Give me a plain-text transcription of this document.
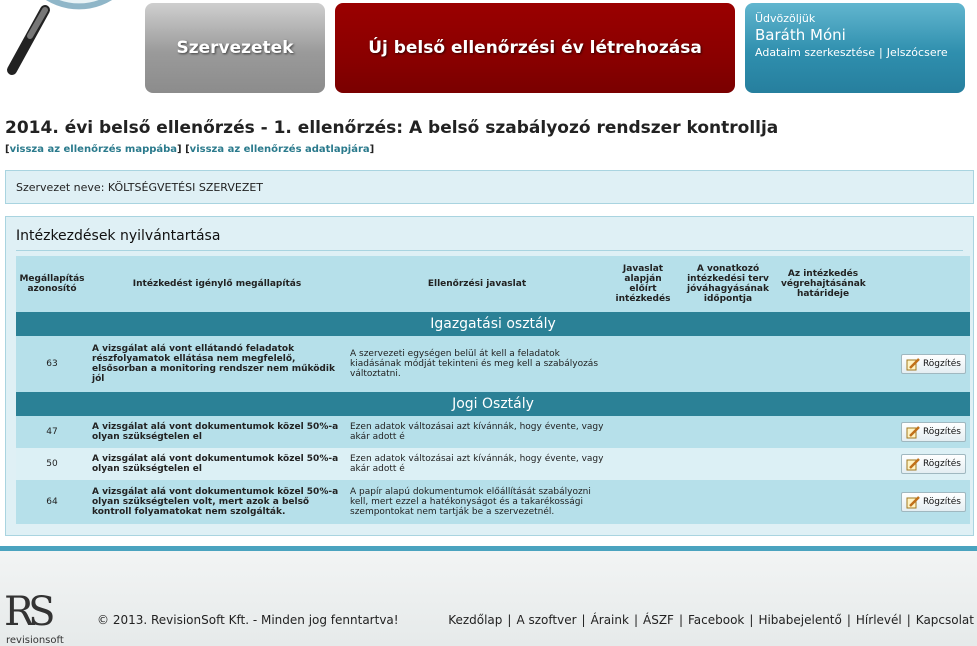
Szervezetek	Új belső ellenőrzési év létrehozása
Üdvözöljük
Baráth Móni
Adataim szerkesztése | Jelszócsere
2014. évi belső ellenőrzés - 1. ellenőrzés: A belső szabályozó rendszer kontrollja
[vissza az ellenőrzés mappába] [vissza az ellenőrzés adatlapjára]
Szervezet neve: KÖLTSÉGVETÉSI SZERVEZET
Intézkezdések nyilvántartása
Megállapítás azonosító	Intézkedést igénylő megállapítás	Ellenőrzési javaslat	Javaslat alapján előírt intézkedés	A vonatkozó intézkedési terv jóváhagyásának időpontja	Az intézkedés végrehajtásának határideje	
Igazgatási osztály						
63	A vizsgálat alá vont ellátandó feladatok részfolyamatok ellátása nem megfelelő, elsősorban a monitoring rendszer nem működik jól	A szervezeti egységen belül át kell a feladatok kiadásának módját tekinteni és meg kell a szabályozás változtatni.				Rögzítés

Jogi Osztály						
47	A vizsgálat alá vont dokumentumok közel 50%-a olyan szükségtelen el	Ezen adatok változásai azt kívánnák, hogy évente, vagy akár adott é				Rögzítés

50	A vizsgálat alá vont dokumentumok közel 50%-a olyan szükségtelen el	Ezen adatok változásai azt kívánnák, hogy évente, vagy akár adott é				Rögzítés

64	A vizsgálat alá vont dokumentumok közel 50%-a olyan szükségtelen volt, mert azok a belső kontroll folyamatokat nem szolgálták.	A papír alapú dokumentumok előállítását szabályozni kell, mert ezzel a hatékonyságot és a takarékossági szempontokat nem tartják be a szervezetnél.				Rögzítés
RS
revisionsoft
© 2013. RevisionSoft Kft. - Minden jog fenntartva!	Kezdőlap | A szoftver | Áraink | ÁSZF | Facebook | Hibabejelentő | Hírlevél | Kapcsolat
